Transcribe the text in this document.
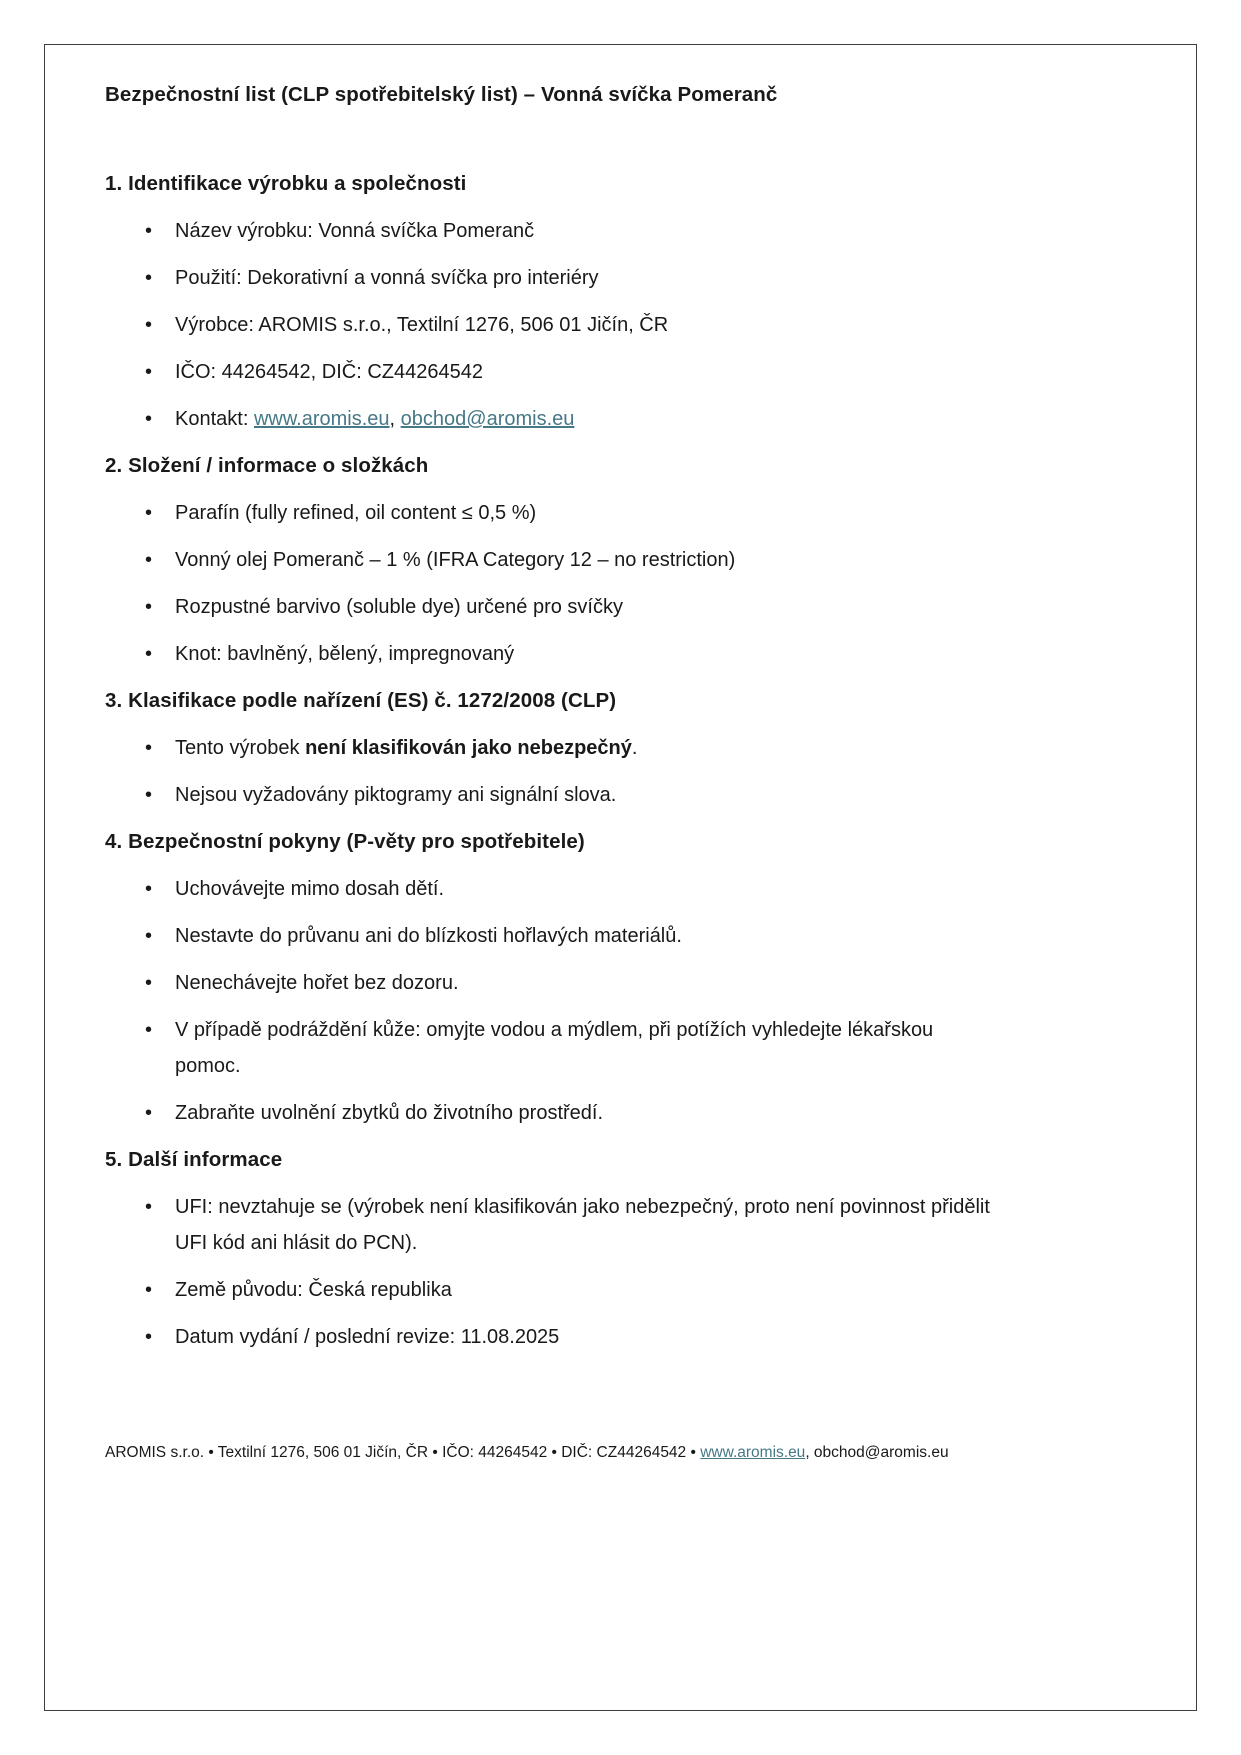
Bezpečnostní list (CLP spotřebitelský list) – Vonná svíčka Pomeranč
1. Identifikace výrobku a společnosti
• Název výrobku: Vonná svíčka Pomeranč
• Použití: Dekorativní a vonná svíčka pro interiéry
• Výrobce: AROMIS s.r.o., Textilní 1276, 506 01 Jičín, ČR
• IČO: 44264542, DIČ: CZ44264542
• Kontakt: www.aromis.eu, obchod@aromis.eu
2. Složení / informace o složkách
• Parafín (fully refined, oil content ≤ 0,5 %)
• Vonný olej Pomeranč – 1 % (IFRA Category 12 – no restriction)
• Rozpustné barvivo (soluble dye) určené pro svíčky
• Knot: bavlněný, bělený, impregnovaný
3. Klasifikace podle nařízení (ES) č. 1272/2008 (CLP)
• Tento výrobek není klasifikován jako nebezpečný.
• Nejsou vyžadovány piktogramy ani signální slova.
4. Bezpečnostní pokyny (P-věty pro spotřebitele)
• Uchovávejte mimo dosah dětí.
• Nestavte do průvanu ani do blízkosti hořlavých materiálů.
• Nenechávejte hořet bez dozoru.
• V případě podráždění kůže: omyjte vodou a mýdlem, při potížích vyhledejte lékařskou pomoc.
• Zabraňte uvolnění zbytků do životního prostředí.
5. Další informace
• UFI: nevztahuje se (výrobek není klasifikován jako nebezpečný, proto není povinnost přidělit UFI kód ani hlásit do PCN).
• Země původu: Česká republika
• Datum vydání / poslední revize: 11.08.2025
AROMIS s.r.o. • Textilní 1276, 506 01 Jičín, ČR • IČO: 44264542 • DIČ: CZ44264542 • www.aromis.eu, obchod@aromis.eu
